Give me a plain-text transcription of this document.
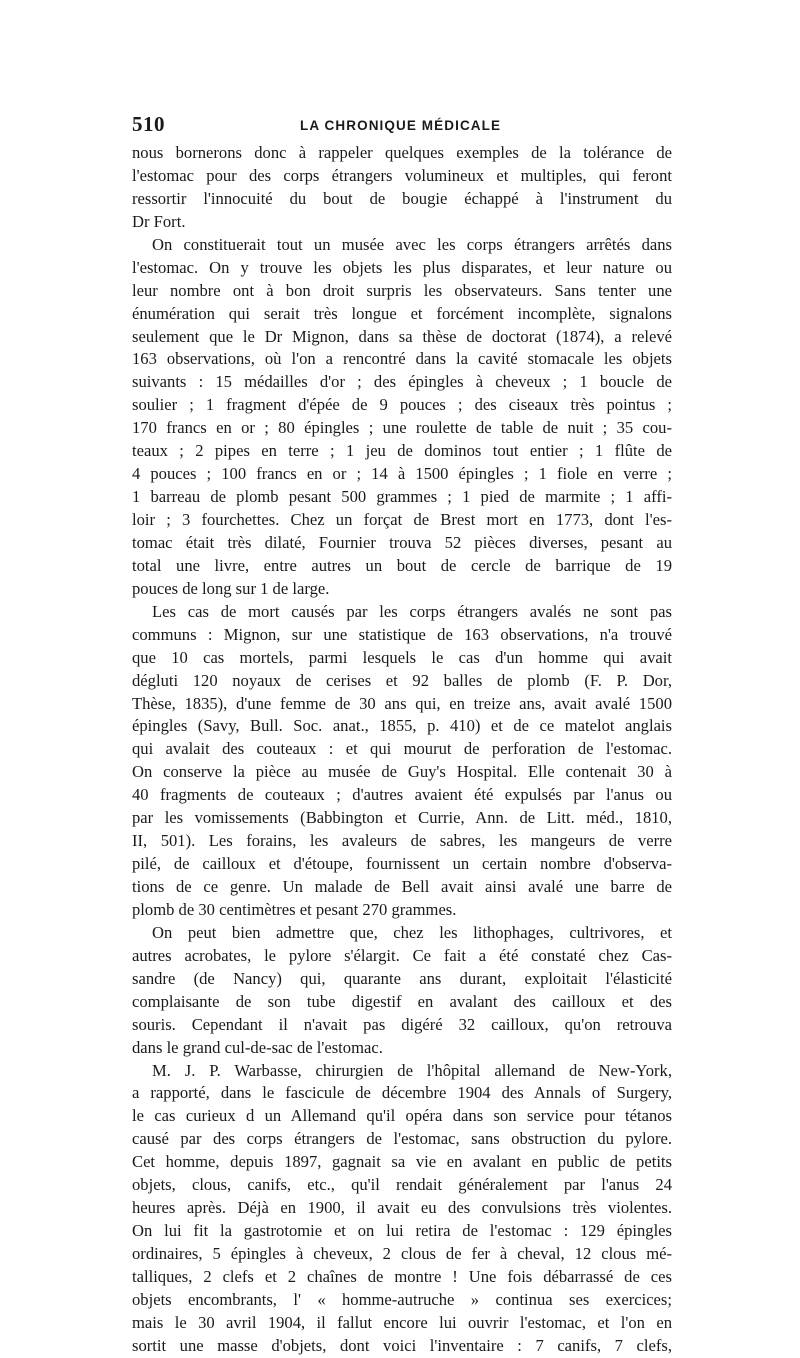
510	LA CHRONIQUE MÉDICALE
nous bornerons donc à rappeler quelques exemples de la tolérance de
l'estomac pour des corps étrangers volumineux et multiples, qui feront
ressortir l'innocuité du bout de bougie échappé à l'instrument du
Dr Fort.
On constituerait tout un musée avec les corps étrangers arrêtés dans
l'estomac. On y trouve les objets les plus disparates, et leur nature ou
leur nombre ont à bon droit surpris les observateurs. Sans tenter une
énumération qui serait très longue et forcément incomplète, signalons
seulement que le Dr Mignon, dans sa thèse de doctorat (1874), a relevé
163 observations, où l'on a rencontré dans la cavité stomacale les objets
suivants : 15 médailles d'or ; des épingles à cheveux ; 1 boucle de
soulier ; 1 fragment d'épée de 9 pouces ; des ciseaux très pointus ;
170 francs en or ; 80 épingles ; une roulette de table de nuit ; 35 cou-
teaux ; 2 pipes en terre ; 1 jeu de dominos tout entier ; 1 flûte de
4 pouces ; 100 francs en or ; 14 à 1500 épingles ; 1 fiole en verre ;
1 barreau de plomb pesant 500 grammes ; 1 pied de marmite ; 1 affi-
loir ; 3 fourchettes. Chez un forçat de Brest mort en 1773, dont l'es-
tomac était très dilaté, Fournier trouva 52 pièces diverses, pesant au
total une livre, entre autres un bout de cercle de barrique de 19
pouces de long sur 1 de large.
Les cas de mort causés par les corps étrangers avalés ne sont pas
communs : Mignon, sur une statistique de 163 observations, n'a trouvé
que 10 cas mortels, parmi lesquels le cas d'un homme qui avait
dégluti 120 noyaux de cerises et 92 balles de plomb (F. P. Dor,
Thèse, 1835), d'une femme de 30 ans qui, en treize ans, avait avalé 1500
épingles (Savy, Bull. Soc. anat., 1855, p. 410) et de ce matelot anglais
qui avalait des couteaux : et qui mourut de perforation de l'estomac.
On conserve la pièce au musée de Guy's Hospital. Elle contenait 30 à
40 fragments de couteaux ; d'autres avaient été expulsés par l'anus ou
par les vomissements (Babbington et Currie, Ann. de Litt. méd., 1810,
II, 501). Les forains, les avaleurs de sabres, les mangeurs de verre
pilé, de cailloux et d'étoupe, fournissent un certain nombre d'observa-
tions de ce genre. Un malade de Bell avait ainsi avalé une barre de
plomb de 30 centimètres et pesant 270 grammes.
On peut bien admettre que, chez les lithophages, cultrivores, et
autres acrobates, le pylore s'élargit. Ce fait a été constaté chez Cas-
sandre (de Nancy) qui, quarante ans durant, exploitait l'élasticité
complaisante de son tube digestif en avalant des cailloux et des
souris. Cependant il n'avait pas digéré 32 cailloux, qu'on retrouva
dans le grand cul-de-sac de l'estomac.
M. J. P. Warbasse, chirurgien de l'hôpital allemand de New-York,
a rapporté, dans le fascicule de décembre 1904 des Annals of Surgery,
le cas curieux d un Allemand qu'il opéra dans son service pour tétanos
causé par des corps étrangers de l'estomac, sans obstruction du pylore.
Cet homme, depuis 1897, gagnait sa vie en avalant en public de petits
objets, clous, canifs, etc., qu'il rendait généralement par l'anus 24
heures après. Déjà en 1900, il avait eu des convulsions très violentes.
On lui fit la gastrotomie et on lui retira de l'estomac : 129 épingles
ordinaires, 5 épingles à cheveux, 2 clous de fer à cheval, 12 clous mé-
talliques, 2 clefs et 2 chaînes de montre ! Une fois débarrassé de ces
objets encombrants, l' « homme-autruche » continua ses exercices;
mais le 30 avril 1904, il fallut encore lui ouvrir l'estomac, et l'on en
sortit une masse d'objets, dont voici l'inventaire : 7 canifs, 7 clefs,
